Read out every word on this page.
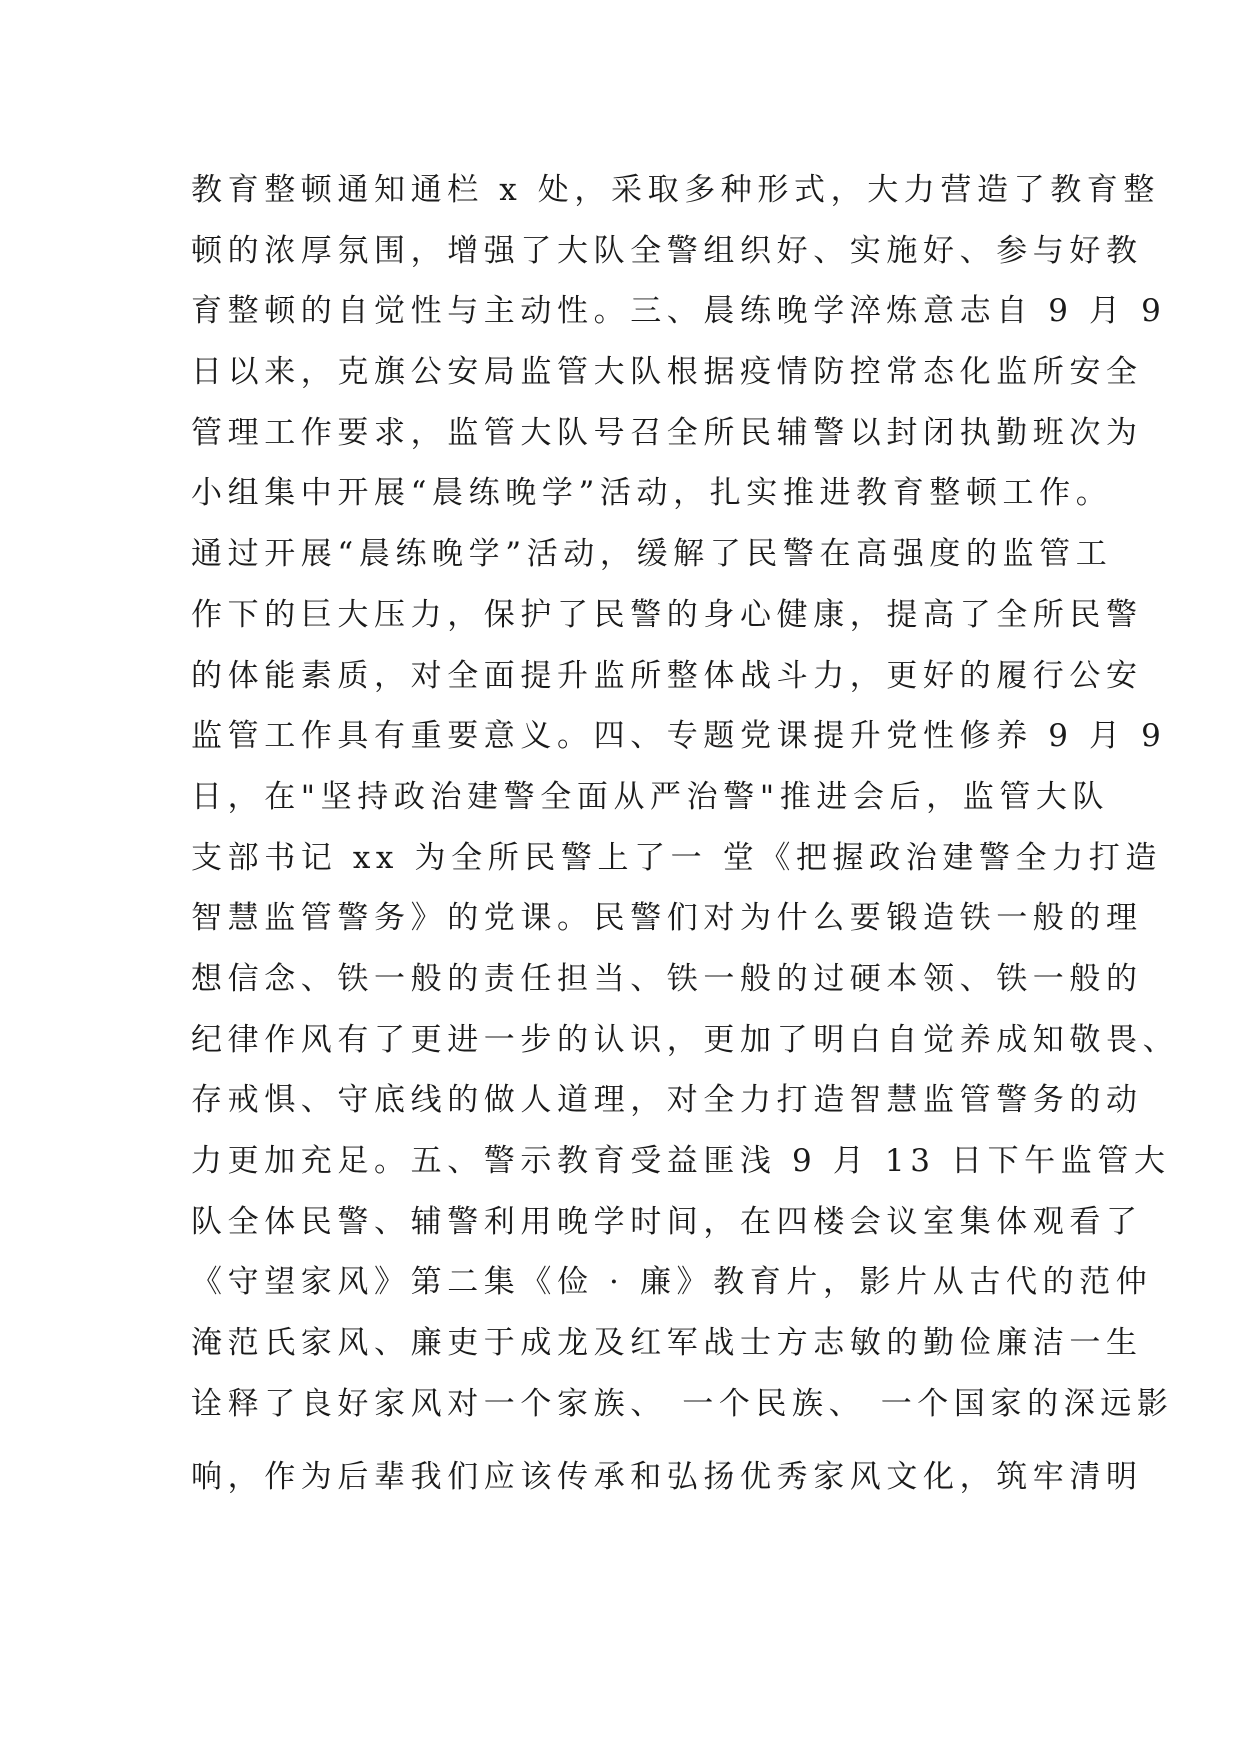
教育整顿通知通栏 x 处，采取多种形式，大力营造了教育整
顿的浓厚氛围，增强了大队全警组织好、实施好、参与好教
育整顿的自觉性与主动性。三、晨练晚学淬炼意志自 9 月 9
日以来，克旗公安局监管大队根据疫情防控常态化监所安全
管理工作要求，监管大队号召全所民辅警以封闭执勤班次为
小组集中开展“晨练晚学”活动，扎实推进教育整顿工作。
通过开展“晨练晚学”活动，缓解了民警在高强度的监管工
作下的巨大压力，保护了民警的身心健康，提高了全所民警
的体能素质，对全面提升监所整体战斗力，更好的履行公安
监管工作具有重要意义。四、专题党课提升党性修养 9 月 9
日，在"坚持政治建警全面从严治警"推进会后，监管大队
支部书记 xx 为全所民警上了一 堂《把握政治建警全力打造
智慧监管警务》的党课。民警们对为什么要锻造铁一般的理
想信念、铁一般的责任担当、铁一般的过硬本领、铁一般的
纪律作风有了更进一步的认识，更加了明白自觉养成知敬畏、
存戒惧、守底线的做人道理，对全力打造智慧监管警务的动
力更加充足。五、警示教育受益匪浅 9 月 13 日下午监管大
队全体民警、辅警利用晚学时间，在四楼会议室集体观看了
《守望家风》第二集《俭 · 廉》教育片，影片从古代的范仲
淹范氏家风、廉吏于成龙及红军战士方志敏的勤俭廉洁一生
诠释了良好家风对一个家族、 一个民族、 一个国家的深远影
响，作为后辈我们应该传承和弘扬优秀家风文化，筑牢清明
